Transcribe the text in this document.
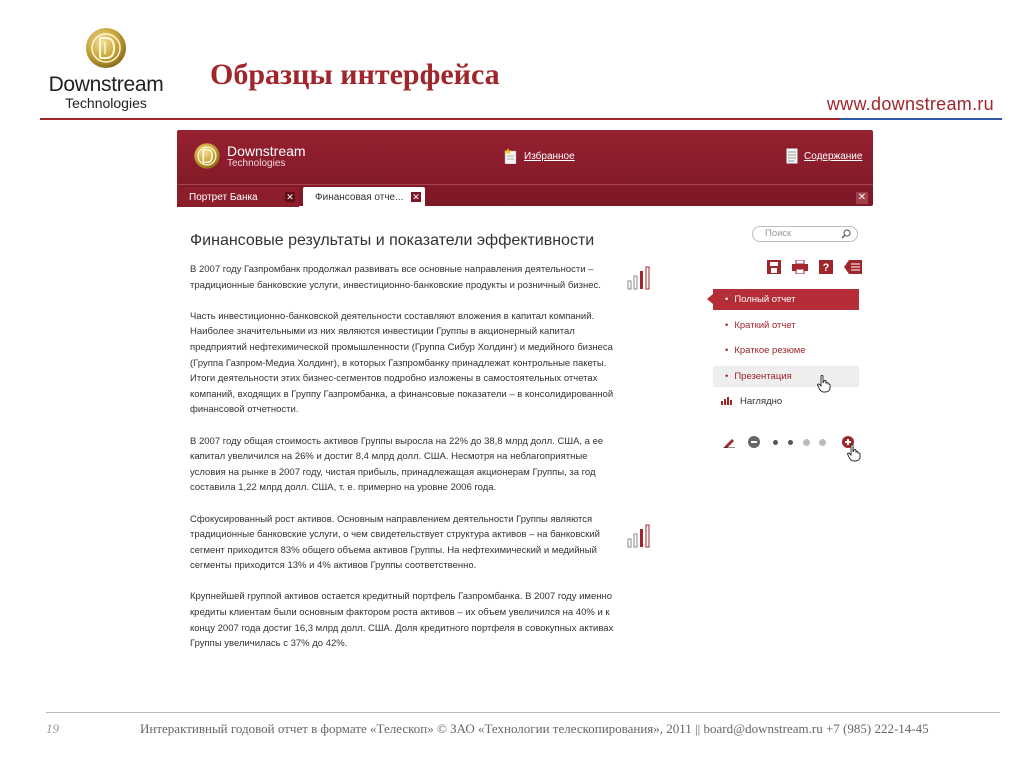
Downstream
Technologies
Образцы интерфейса
www.downstream.ru
Downstream
Technologies
Избранное	Содержание
Портрет Банка	✕ Финансовая отче... ✕	✕
Финансовые результаты и показатели эффективности

В 2007 году Газпромбанк продолжал развивать все основные направления деятельности – традиционные банковские услуги, инвестиционно-банковские продукты и розничный бизнес.

Часть инвестиционно-банковской деятельности составляют вложения в капитал компаний. Наиболее значительными из них являются инвестиции Группы в акционерный капитал предприятий нефтехимической промышленности (Группа Сибур Холдинг) и медийного бизнеса (Группа Газпром-Медиа Холдинг), в которых Газпромбанку принадлежат контрольные пакеты. Итоги деятельности этих бизнес-сегментов подробно изложены в самостоятельных отчетах компаний, входящих в Группу Газпромбанка, а финансовые показатели – в консолидированной финансовой отчетности.

В 2007 году общая стоимость активов Группы выросла на 22% до 38,8 млрд долл. США, а ее капитал увеличился на 26% и достиг 8,4 млрд долл. США. Несмотря на неблагоприятные условия на рынке в 2007 году, чистая прибыль, принадлежащая акционерам Группы, за год составила 1,22 млрд долл. США, т. е. примерно на уровне 2006 года.

Сфокусированный рост активов. Основным направлением деятельности Группы являются традиционные банковские услуги, о чем свидетельствует структура активов – на банковский сегмент приходится 83% общего объема активов Группы. На нефтехимический и медийный сегменты приходится 13% и 4% активов Группы соответственно.

Крупнейшей группой активов остается кредитный портфель Газпромбанка. В 2007 году именно кредиты клиентам были основным фактором роста активов – их объем увеличился на 40% и к концу 2007 года достиг 16,3 млрд долл. США. Доля кредитного портфеля в совокупных активах Группы увеличилась с 37% до 42%.

Поиск
?
• Полный отчет
• Краткий отчет
• Краткое резюме
• Презентация
Наглядно
19	Интерактивный годовой отчет в формате «Телескоп» © ЗАО «Технологии телескопирования», 2011 || board@downstream.ru +7 (985) 222-14-45
